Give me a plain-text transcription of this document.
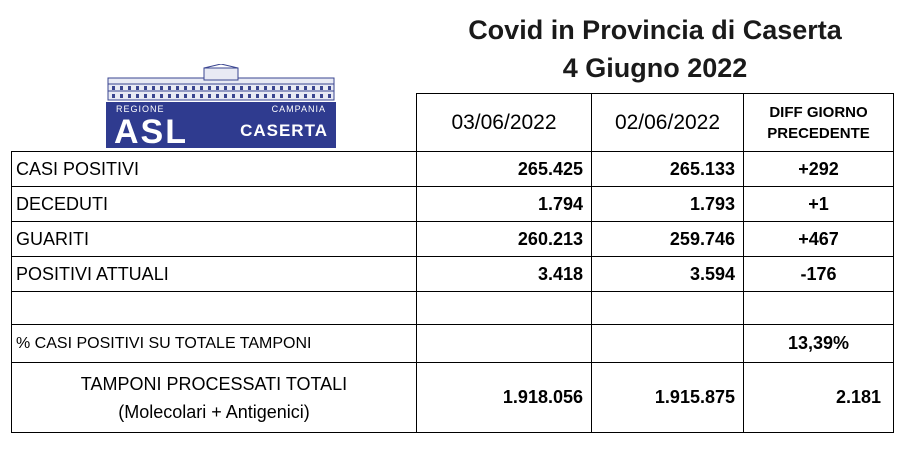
Covid in Provincia di Caserta
4 Giugno 2022
REGIONE	CAMPANIA
ASL	CASERTA
		03/06/2022	02/06/2022	DIFF GIORNO
PRECEDENTE

CASI POSITIVI	265.425	265.133	+292
DECEDUTI	1.794	1.793	+1
GUARITI	260.213	259.746	+467
POSITIVI ATTUALI	3.418	3.594	-176

% CASI POSITIVI SU TOTALE TAMPONI			13,39%

TAMPONI PROCESSATI TOTALI
(Molecolari + Antigenici)	1.918.056	1.915.875	2.181
